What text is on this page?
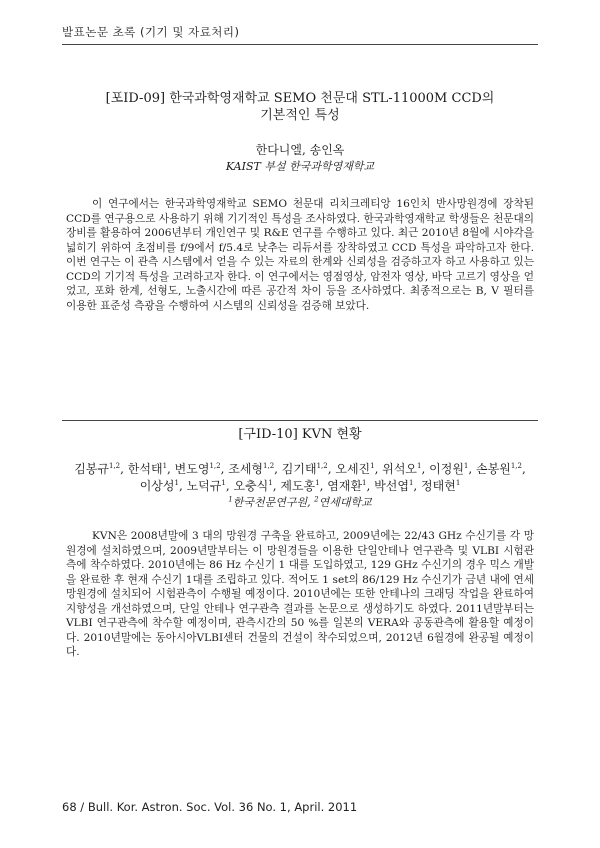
발표논문 초록 (기기 및 자료처리)
[포ID-09] 한국과학영재학교 SEMO 천문대 STL-11000M CCD의
기본적인 특성

한다니엘, 송인옥

KAIST 부설 한국과학영재학교

이 연구에서는 한국과학영재학교 SEMO 천문대 리치크레티앙 16인치 반사망원경에 장착된 CCD를 연구용으로 사용하기 위해 기기적인 특성을 조사하였다. 한국과학영재학교 학생들은 천문대의 장비를 활용하여 2006년부터 개인연구 및 R&E 연구를 수행하고 있다. 최근 2010년 8월에 시야각을 넓히기 위하여 초점비를 f/9에서 f/5.4로 낮추는 리듀서를 장착하였고 CCD 특성을 파악하고자 한다. 이번 연구는 이 관측 시스템에서 얻을 수 있는 자료의 한계와 신뢰성을 검증하고자 하고 사용하고 있는 CCD의 기기적 특성을 고려하고자 한다. 이 연구에서는 영점영상, 암전자 영상, 바닥 고르기 영상을 얻었고, 포화 한계, 선형도, 노출시간에 따른 공간적 차이 등을 조사하였다. 최종적으로는 B, V 필터를 이용한 표준성 측광을 수행하여 시스템의 신뢰성을 검증해 보았다.

[구ID-10] KVN 현황

김봉규$^{1,2}$, 한석태$^1$, 변도영$^{1,2}$, 조세형$^{1,2}$, 김기태$^{1,2}$, 오세진$^1$, 위석오$^1$, 이정원$^1$, 손봉원$^{1,2}$,
이상성$^1$, 노덕규$^1$, 오충식$^1$, 제도홍$^1$, 염재환$^1$, 박선엽$^1$, 정태현$^1$

$^1$한국천문연구원, $^2$연세대학교

KVN은 2008년말에 3 대의 망원경 구축을 완료하고, 2009년에는 22/43 GHz 수신기를 각 망원경에 설치하였으며, 2009년말부터는 이 망원경들을 이용한 단일안테나 연구관측 및 VLBI 시험관측에 착수하였다. 2010년에는 86 Hz 수신기 1 대를 도입하였고, 129 GHz 수신기의 경우 믹스 개발을 완료한 후 현재 수신기 1대를 조립하고 있다. 적어도 1 set의 86/129 Hz 수신기가 금년 내에 연세망원경에 설치되어 시험관측이 수행될 예정이다. 2010년에는 또한 안테나의 크래딩 작업을 완료하여 지향성을 개선하였으며, 단일 안테나 연구관측 결과를 논문으로 생성하기도 하였다. 2011년말부터는 VLBI 연구관측에 착수할 예정이며, 관측시간의 50 %를 일본의 VERA와 공동관측에 활용할 예정이다. 2010년말에는 동아시아VLBI센터 건물의 건설이 착수되었으며, 2012년 6월경에 완공될 예정이다.

68 / Bull. Kor. Astron. Soc. Vol. 36 No. 1, April. 2011
